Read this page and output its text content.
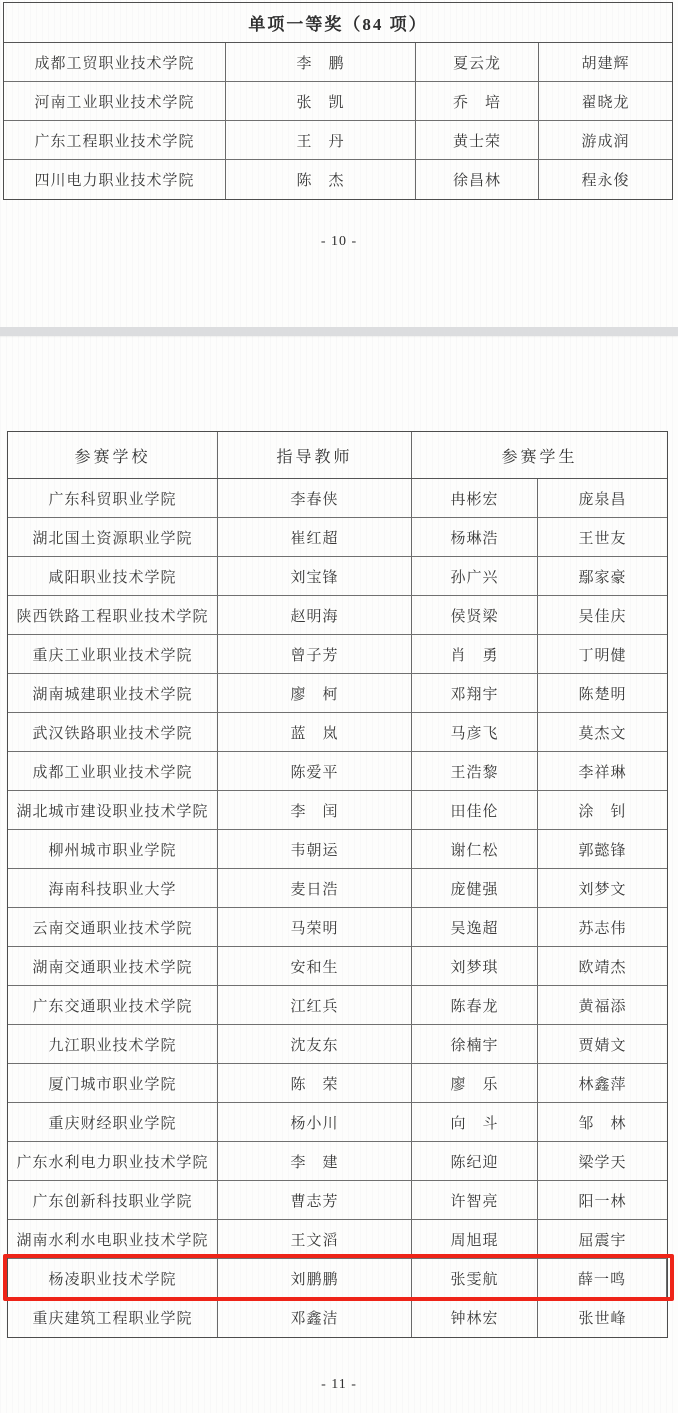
单项一等奖（84 项）
成都工贸职业技术学院	李　鹏	夏云龙	胡建辉
河南工业职业技术学院	张　凯	乔　培	翟晓龙
广东工程职业技术学院	王　丹	黄士荣	游成润
四川电力职业技术学院	陈　杰	徐昌林	程永俊
- 10 -
参赛学校	指导教师	参赛学生
广东科贸职业学院	李春侠	冉彬宏	庞泉昌
湖北国土资源职业学院	崔红超	杨琳浩	王世友
咸阳职业技术学院	刘宝锋	孙广兴	鄢家豪
陕西铁路工程职业技术学院	赵明海	侯贤梁	吴佳庆
重庆工业职业技术学院	曾子芳	肖　勇	丁明健
湖南城建职业技术学院	廖　柯	邓翔宇	陈楚明
武汉铁路职业技术学院	蓝　岚	马彦飞	莫杰文
成都工业职业技术学院	陈爱平	王浩黎	李祥琳
湖北城市建设职业技术学院	李　闰	田佳伦	涂　钊
柳州城市职业学院	韦朝运	谢仁松	郭懿锋
海南科技职业大学	麦日浩	庞健强	刘梦文
云南交通职业技术学院	马荣明	吴逸超	苏志伟
湖南交通职业技术学院	安和生	刘梦琪	欧靖杰
广东交通职业技术学院	江红兵	陈春龙	黄福添
九江职业技术学院	沈友东	徐楠宇	贾婧文
厦门城市职业学院	陈　荣	廖　乐	林鑫萍
重庆财经职业学院	杨小川	向　斗	邹　林
广东水利电力职业技术学院	李　建	陈纪迎	梁学天
广东创新科技职业学院	曹志芳	许智亮	阳一林
湖南水利水电职业技术学院	王文滔	周旭琨	屈震宇
杨凌职业技术学院	刘鹏鹏	张雯航	薛一鸣
重庆建筑工程职业学院	邓鑫洁	钟林宏	张世峰
- 11 -
